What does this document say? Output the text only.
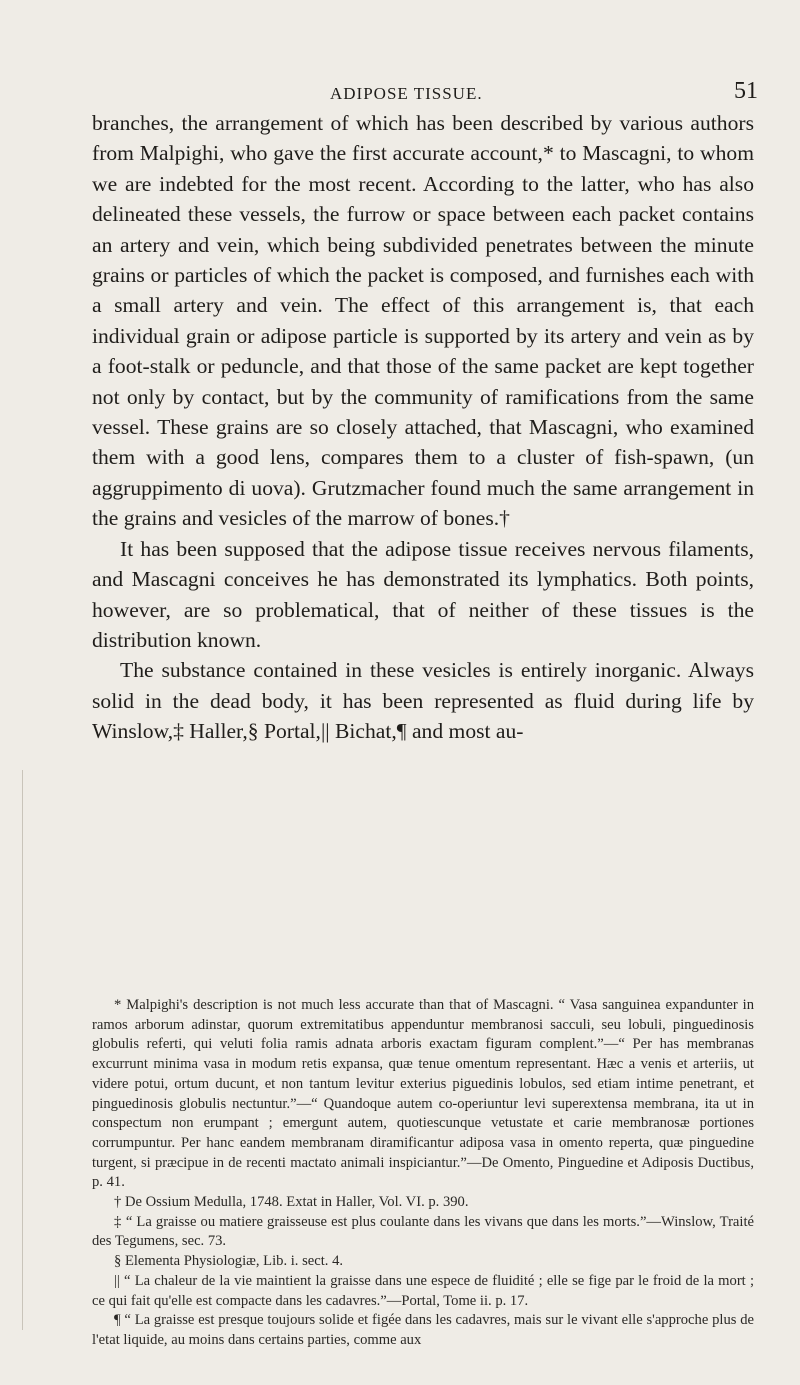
ADIPOSE TISSUE.	51

branches, the arrangement of which has been described by various authors from Malpighi, who gave the first accurate account,* to Mascagni, to whom we are indebted for the most recent. According to the latter, who has also delineated these vessels, the furrow or space between each packet contains an artery and vein, which being subdivided penetrates between the minute grains or particles of which the packet is composed, and furnishes each with a small artery and vein. The effect of this arrangement is, that each individual grain or adipose particle is supported by its artery and vein as by a foot-stalk or peduncle, and that those of the same packet are kept together not only by contact, but by the community of ramifications from the same vessel. These grains are so closely attached, that Mascagni, who examined them with a good lens, compares them to a cluster of fish-spawn, (un aggruppimento di uova). Grutzmacher found much the same arrangement in the grains and vesicles of the marrow of bones.†

It has been supposed that the adipose tissue receives nervous filaments, and Mascagni conceives he has demonstrated its lymphatics. Both points, however, are so problematical, that of neither of these tissues is the distribution known.

The substance contained in these vesicles is entirely inorganic. Always solid in the dead body, it has been represented as fluid during life by Winslow,‡ Haller,§ Portal,|| Bichat,¶ and most au-

* Malpighi's description is not much less accurate than that of Mascagni. “ Vasa sanguinea expandunter in ramos arborum adinstar, quorum extremitatibus appenduntur membranosi sacculi, seu lobuli, pinguedinosis globulis referti, qui veluti folia ramis adnata arboris exactam figuram complent.”—“ Per has membranas excurrunt minima vasa in modum retis expansa, quæ tenue omentum representant. Hæc a venis et arteriis, ut videre potui, ortum ducunt, et non tantum levitur exterius piguedinis lobulos, sed etiam intime penetrant, et pinguedinosis globulis nectuntur.”—“ Quandoque autem co-operiuntur levi superextensa membrana, ita ut in conspectum non erumpant ; emergunt autem, quotiescunque vetustate et carie membranosæ portiones corrumpuntur. Per hanc eandem membranam diramificantur adiposa vasa in omento reperta, quæ pinguedine turgent, si præcipue in de recenti mactato animali inspiciantur.”—De Omento, Pinguedine et Adiposis Ductibus, p. 41.

† De Ossium Medulla, 1748. Extat in Haller, Vol. VI. p. 390.

‡ “ La graisse ou matiere graisseuse est plus coulante dans les vivans que dans les morts.”—Winslow, Traité des Tegumens, sec. 73.

§ Elementa Physiologiæ, Lib. i. sect. 4.

|| “ La chaleur de la vie maintient la graisse dans une espece de fluidité ; elle se fige par le froid de la mort ; ce qui fait qu'elle est compacte dans les cadavres.”—Portal, Tome ii. p. 17.

¶ “ La graisse est presque toujours solide et figée dans les cadavres, mais sur le vivant elle s'approche plus de l'etat liquide, au moins dans certains parties, comme aux
